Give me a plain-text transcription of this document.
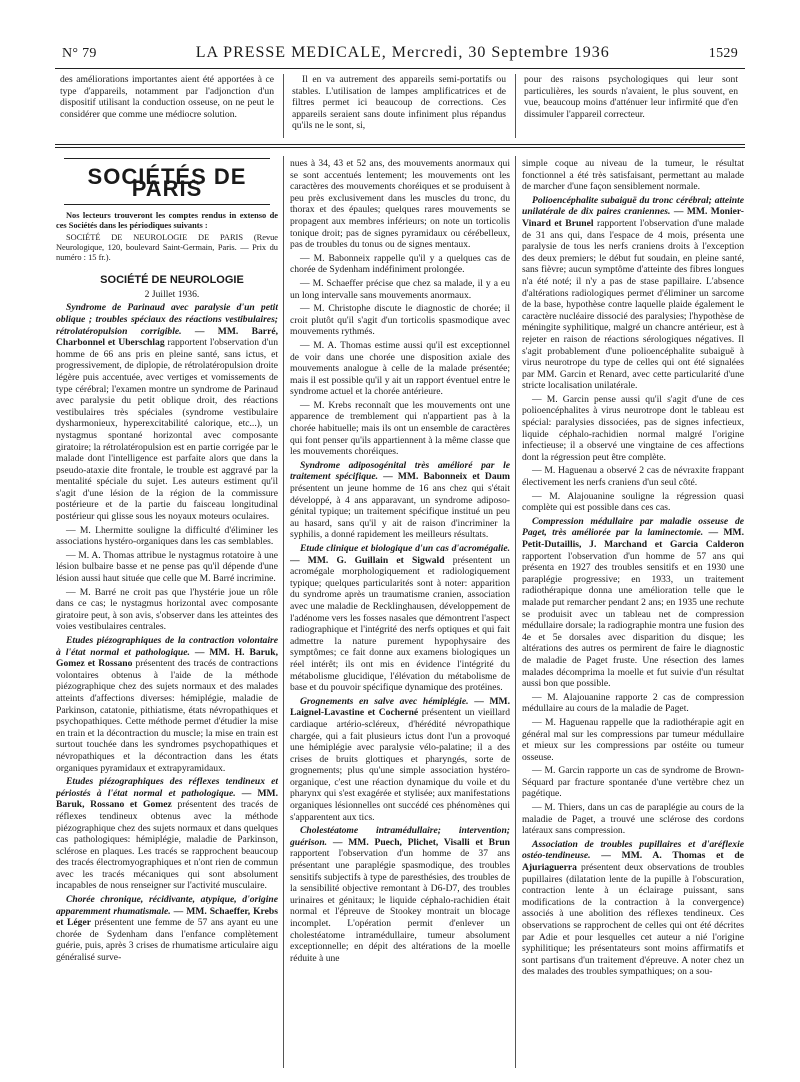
N° 79	LA PRESSE MEDICALE, Mercredi, 30 Septembre 1936	1529

des améliorations importantes aient été apportées à ce type d'appareils, notamment par l'adjonction d'un dispositif utilisant la conduction osseuse, on ne peut le considérer que comme une médiocre solution.

Il en va autrement des appareils semi-portatifs ou stables. L'utilisation de lampes amplificatrices et de filtres permet ici beaucoup de corrections. Ces appareils seraient sans doute infiniment plus répandus qu'ils ne le sont, si,

pour des raisons psychologiques qui leur sont particulières, les sourds n'avaient, le plus souvent, en vue, beaucoup moins d'atténuer leur infirmité que d'en dissimuler l'appareil correcteur.

SOCIÉTÉS DE PARIS

Nos lecteurs trouveront les comptes rendus in extenso de ces Sociétés dans les périodiques suivants :

SOCIÉTÉ DE NEUROLOGIE DE PARIS (Revue Neurologique, 120, boulevard Saint-Germain, Paris. — Prix du numéro : 15 fr.).

SOCIÉTÉ DE NEUROLOGIE

2 Juillet 1936.

Syndrome de Parinaud avec paralysie d'un petit oblique ; troubles spéciaux des réactions vestibulaires; rétrolatéropulsion corrigible. — MM. Barré, Charbonnel et Uberschlag rapportent l'observation d'un homme de 66 ans pris en pleine santé, sans ictus, et progressivement, de diplopie, de rétrolatéropulsion droite légère puis accentuée, avec vertiges et vomissements de type cérébral; l'examen montre un syndrome de Parinaud avec paralysie du petit oblique droit, des réactions vestibulaires très spéciales (syndrome vestibulaire dysharmonieux, hyperexcitabilité calorique, etc...), un nystagmus spontané horizontal avec composante giratoire; la rétrolatéropulsion est en partie corrigée par le malade dont l'intelligence est parfaite alors que dans la pseudo-ataxie dite frontale, le trouble est aggravé par la mentalité spéciale du sujet. Les auteurs estiment qu'il s'agit d'une lésion de la région de la commissure postérieure et de la partie du faisceau longitudinal postérieur qui glisse sous les noyaux moteurs oculaires.

— M. Lhermitte souligne la difficulté d'éliminer les associations hystéro-organiques dans les cas semblables.

— M. A. Thomas attribue le nystagmus rotatoire à une lésion bulbaire basse et ne pense pas qu'il dépende d'une lésion aussi haut située que celle que M. Barré incrimine.

— M. Barré ne croit pas que l'hystérie joue un rôle dans ce cas; le nystagmus horizontal avec composante giratoire peut, à son avis, s'observer dans les atteintes des voies vestibulaires centrales.

Etudes piézographiques de la contraction volontaire à l'état normal et pathologique. — MM. H. Baruk, Gomez et Rossano présentent des tracés de contractions volontaires obtenus à l'aide de la méthode piézographique chez des sujets normaux et des malades atteints d'affections diverses: hémiplégie, maladie de Parkinson, catatonie, pithiatisme, états névropathiques et psychopathiques. Cette méthode permet d'étudier la mise en train et la décontraction du muscle; la mise en train est surtout touchée dans les syndromes psychopathiques et névropathiques et la décontraction dans les états organiques pyramidaux et extrapyramidaux.

Etudes piézographiques des réflexes tendineux et périostés à l'état normal et pathologique. — MM. Baruk, Rossano et Gomez présentent des tracés de réflexes tendineux obtenus avec la méthode piézographique chez des sujets normaux et dans quelques cas pathologiques: hémiplégie, maladie de Parkinson, sclérose en plaques. Les tracés se rapprochent beaucoup des tracés électromyographiques et n'ont rien de commun avec les tracés mécaniques qui sont absolument incapables de nous renseigner sur l'activité musculaire.

Chorée chronique, récidivante, atypique, d'origine apparemment rhumatismale. — MM. Schaeffer, Krebs et Léger présentent une femme de 57 ans ayant eu une chorée de Sydenham dans l'enfance complètement guérie, puis, après 3 crises de rhumatisme articulaire aigu généralisé surve-

nues à 34, 43 et 52 ans, des mouvements anormaux qui se sont accentués lentement; les mouvements ont les caractères des mouvements choréiques et se produisent à peu près exclusivement dans les muscles du tronc, du thorax et des épaules; quelques rares mouvements se propagent aux membres inférieurs; on note un torticolis tonique droit; pas de signes pyramidaux ou cérébelleux, pas de troubles du tonus ou de signes mentaux.

— M. Babonneix rappelle qu'il y a quelques cas de chorée de Sydenham indéfiniment prolongée.

— M. Schaeffer précise que chez sa malade, il y a eu un long intervalle sans mouvements anormaux.

— M. Christophe discute le diagnostic de chorée; il croit plutôt qu'il s'agit d'un torticolis spasmodique avec mouvements rythmés.

— M. A. Thomas estime aussi qu'il est exceptionnel de voir dans une chorée une disposition axiale des mouvements analogue à celle de la malade présentée; mais il est possible qu'il y ait un rapport éventuel entre le syndrome actuel et la chorée antérieure.

— M. Krebs reconnaît que les mouvements ont une apparence de tremblement qui n'appartient pas à la chorée habituelle; mais ils ont un ensemble de caractères qui font penser qu'ils appartiennent à la même classe que les mouvements choréiques.

Syndrome adiposogénital très amélioré par le traitement spécifique. — MM. Babonneix et Daum présentent un jeune homme de 16 ans chez qui s'était développé, à 4 ans apparavant, un syndrome adiposo-génital typique; un traitement spécifique institué un peu au hasard, sans qu'il y ait de raison d'incriminer la syphilis, a donné rapidement les meilleurs résultats.

Etude clinique et biologique d'un cas d'acromégalie. — MM. G. Guillain et Sigwald présentent un acromégale morphologiquement et radiologiquement typique; quelques particularités sont à noter: apparition du syndrome après un traumatisme cranien, association avec une maladie de Recklinghausen, développement de l'adénome vers les fosses nasales que démontrent l'aspect radiographique et l'intégrité des nerfs optiques et qui fait admettre la nature purement hypophysaire des symptômes; ce fait donne aux examens biologiques un réel intérêt; ils ont mis en évidence l'intégrité du métabolisme glucidique, l'élévation du métabolisme de base et du pouvoir spécifique dynamique des protéines.

Grognements en salve avec hémiplégie. — MM. Laignel-Lavastine et Cocherné présentent un vieillard cardiaque artério-scléreux, d'hérédité névropathique chargée, qui a fait plusieurs ictus dont l'un a provoqué une hémiplégie avec paralysie vélo-palatine; il a des crises de bruits glottiques et pharyngés, sorte de grognements; plus qu'une simple association hystéro-organique, c'est une réaction dynamique du voile et du pharynx qui s'est exagérée et stylisée; aux manifestations organiques lésionnelles ont succédé ces phénomènes qui s'apparentent aux tics.

Cholestéatome intramédullaire; intervention; guérison. — MM. Puech, Plichet, Visalli et Brun rapportent l'observation d'un homme de 37 ans présentant une paraplégie spasmodique, des troubles sensitifs subjectifs à type de paresthésies, des troubles de la sensibilité objective remontant à D6-D7, des troubles urinaires et génitaux; le liquide céphalo-rachidien était normal et l'épreuve de Stookey montrait un blocage incomplet. L'opération permit d'enlever un cholestéatome intramédullaire, tumeur absolument exceptionnelle; en dépit des altérations de la moelle réduite à une

simple coque au niveau de la tumeur, le résultat fonctionnel a été très satisfaisant, permettant au malade de marcher d'une façon sensiblement normale.

Polioencéphalite subaiguë du tronc cérébral; atteinte unilatérale de dix paires craniennes. — MM. Monier-Vinard et Brunel rapportent l'observation d'une malade de 31 ans qui, dans l'espace de 4 mois, présenta une paralysie de tous les nerfs craniens droits à l'exception des deux premiers; le début fut soudain, en pleine santé, sans fièvre; aucun symptôme d'atteinte des fibres longues n'a été noté; il n'y a pas de stase papillaire. L'absence d'altérations radiologiques permet d'éliminer un sarcome de la base, hypothèse contre laquelle plaide également le caractère nucléaire dissocié des paralysies; l'hypothèse de méningite syphilitique, malgré un chancre antérieur, est à rejeter en raison de réactions sérologiques négatives. Il s'agit probablement d'une polioencéphalite subaiguë à virus neurotrope du type de celles qui ont été signalées par MM. Garcin et Renard, avec cette particularité d'une stricte localisation unilatérale.

— M. Garcin pense aussi qu'il s'agit d'une de ces polioencéphalites à virus neurotrope dont le tableau est spécial: paralysies dissociées, pas de signes infectieux, liquide céphalo-rachidien normal malgré l'origine infectieuse; il a observé une vingtaine de ces affections dont la régression peut être complète.

— M. Haguenau a observé 2 cas de névraxite frappant électivement les nerfs craniens d'un seul côté.

— M. Alajouanine souligne la régression quasi complète qui est possible dans ces cas.

Compression médullaire par maladie osseuse de Paget, très améliorée par la laminectomie. — MM. Petit-Dutaillis, J. Marchand et Garcia Calderon rapportent l'observation d'un homme de 57 ans qui présenta en 1927 des troubles sensitifs et en 1930 une paraplégie progressive; en 1933, un traitement radiothérapique donna une amélioration telle que le malade put remarcher pendant 2 ans; en 1935 une rechute se produisit avec un tableau net de compression médullaire dorsale; la radiographie montra une fusion des 4e et 5e dorsales avec disparition du disque; les altérations des autres os permirent de faire le diagnostic de maladie de Paget fruste. Une résection des lames malades décomprima la moelle et fut suivie d'un résultat aussi bon que possible.

— M. Alajouanine rapporte 2 cas de compression médullaire au cours de la maladie de Paget.

— M. Haguenau rappelle que la radiothérapie agit en général mal sur les compressions par tumeur médullaire et mieux sur les compressions par ostéite ou tumeur osseuse.

— M. Garcin rapporte un cas de syndrome de Brown-Séquard par fracture spontanée d'une vertèbre chez un pagétique.

— M. Thiers, dans un cas de paraplégie au cours de la maladie de Paget, a trouvé une sclérose des cordons latéraux sans compression.

Association de troubles pupillaires et d'aréflexie ostéo-tendineuse. — MM. A. Thomas et de Ajuriaguerra présentent deux observations de troubles pupillaires (dilatation lente de la pupille à l'obscuration, contraction lente à un éclairage puissant, sans modifications de la contraction à la convergence) associés à une abolition des réflexes tendineux. Ces observations se rapprochent de celles qui ont été décrites par Adie et pour lesquelles cet auteur a nié l'origine syphilitique; les présentateurs sont moins affirmatifs et sont partisans d'un traitement d'épreuve. A noter chez un des malades des troubles sympathiques; on a sou-
